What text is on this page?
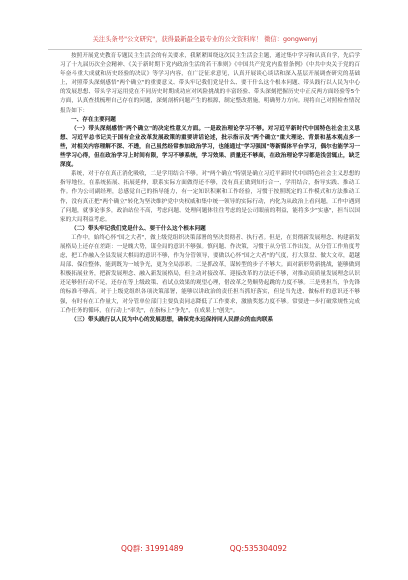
关注头条号"公文研究"，获得最新最全最专业的公文资料库！ 微信：gongwenyj

按照开展党史教育专题民主生活会的有关要求，我紧紧围绕这次民主生活会主题，通过集中学习和认真自学，先后学习了十九届历次全会精神、《关于新时期下党内政治生活的若干准则》《中国共产党党内监督条例》《中共中央关于党的百年奋斗重大成就和历史经验的决议》等学习内容，在广泛征求意见，认真开展谈心谈话和深入基层开展调查研究的基础上，对照带头深刻感悟"两个确立"的重要意义、带头牢记我们党是什么、要干什么这个根本问题、带头践行以人民为中心的发展思想、带头学习运用党在不同历史时期成功应对风险挑战的丰富经验、带头深刻把握历史中正反两方面经验等5个方面，认真查找梳理自己存在的问题，深刻剖析问题产生的根源，制定整改措施，明确努力方向。现将自己对照检查情况报告如下：

一、存在主要问题

（一）带头深刻感悟"两个确立"的决定性意义方面。一是政治理论学习不够。对习近平新时代中国特色社会主义思想、习近平总书记关于国有企业改革发展政策的重要讲话论述，批示指示及"两个确立"重大理论、背景和基本观点多一些，对相关内容理解不深、不透，自己虽然经常参加政治学习，也能通过"学习强国"等新媒体平台学习，偶尔也能学习一些学习心得，但在政治学习上时间有限，学习不够系统，学习效果、质量还不够高，在政治理论学习都是浅尝辄止，缺乏深度。

系统，对于存在真正消化吸收，二是学用结合不够。对"两个确立"特别是确立习近平新时代中国特色社会主义思想的指导地位，在系统拓展、拓展延伸，联系实际方面做得还不够，没有真正做到知行合一，学用结合，指导实践、推动工作。作为公司副经理，总感觉自己的指导能力，有一定知识积累和工作经验，习惯于按照既定的工作模式和方法推动工作，没有真正把"两个确立"转化为坚决维护党中央权威和集中统一领导的实际行动，内化为从政治上看问题，工作中遇到了问题，就事论事多，政治站位不高，考虑问题、处理问题体往往考虑的是公司眼前的利益，能将多少"实惠"，担当以国家的大局利益考虑。

（二）带头牢记我们党是什么、要干什么这个根本问题

工作中，始终心怀"国之大者"，做上级党组织决策部署的坚决贯彻者、执行者。但是，在贯彻新发展理念、构建新发展格局上还存在差距：一是魄大势，谋全局的意识不够强。慎问题、作决策，习惯于从分管工作出发，从分管工作角度考虑，把工作融入全县发展大棋局的意识不够，作为分管领导，要做以心怀"国之大者"的气度，打大算盘、做大文章，超越局部、保住整体，能到既为一域争光，更为全局添彩。二是抓改革，谋转型的步子不够大。面对新形势新挑战，能够做到积极拓展业务，把新发展理念、融入新发展格局，但主动对接改革、迎接改革的方法还不够，对推动高质量发展理念认识还足够但行动不足，还存在等上级政策、看试点效果的观望心理，借改革之势顺势起跳的力度不够。三是勇担当，争先锋的标准不够高。对于上级党组织各项决策部署，能够以讲政治的责任担当抓好落实，但是当先进、做标杆的意识还不够强，有时有在工作量大，对分管单位部门主要负责同志降低了工作要求，激励奖惩力度不够。常要进一步打破常规性完成工作任务的循环，在行动上"率先"，在指标上"争先"，在成果上"创先"。

（三）带头践行以人民为中心的发展思想，确保党永远保持同人民群众的血肉联系

QQ群: 31991489	QQ:535304092
